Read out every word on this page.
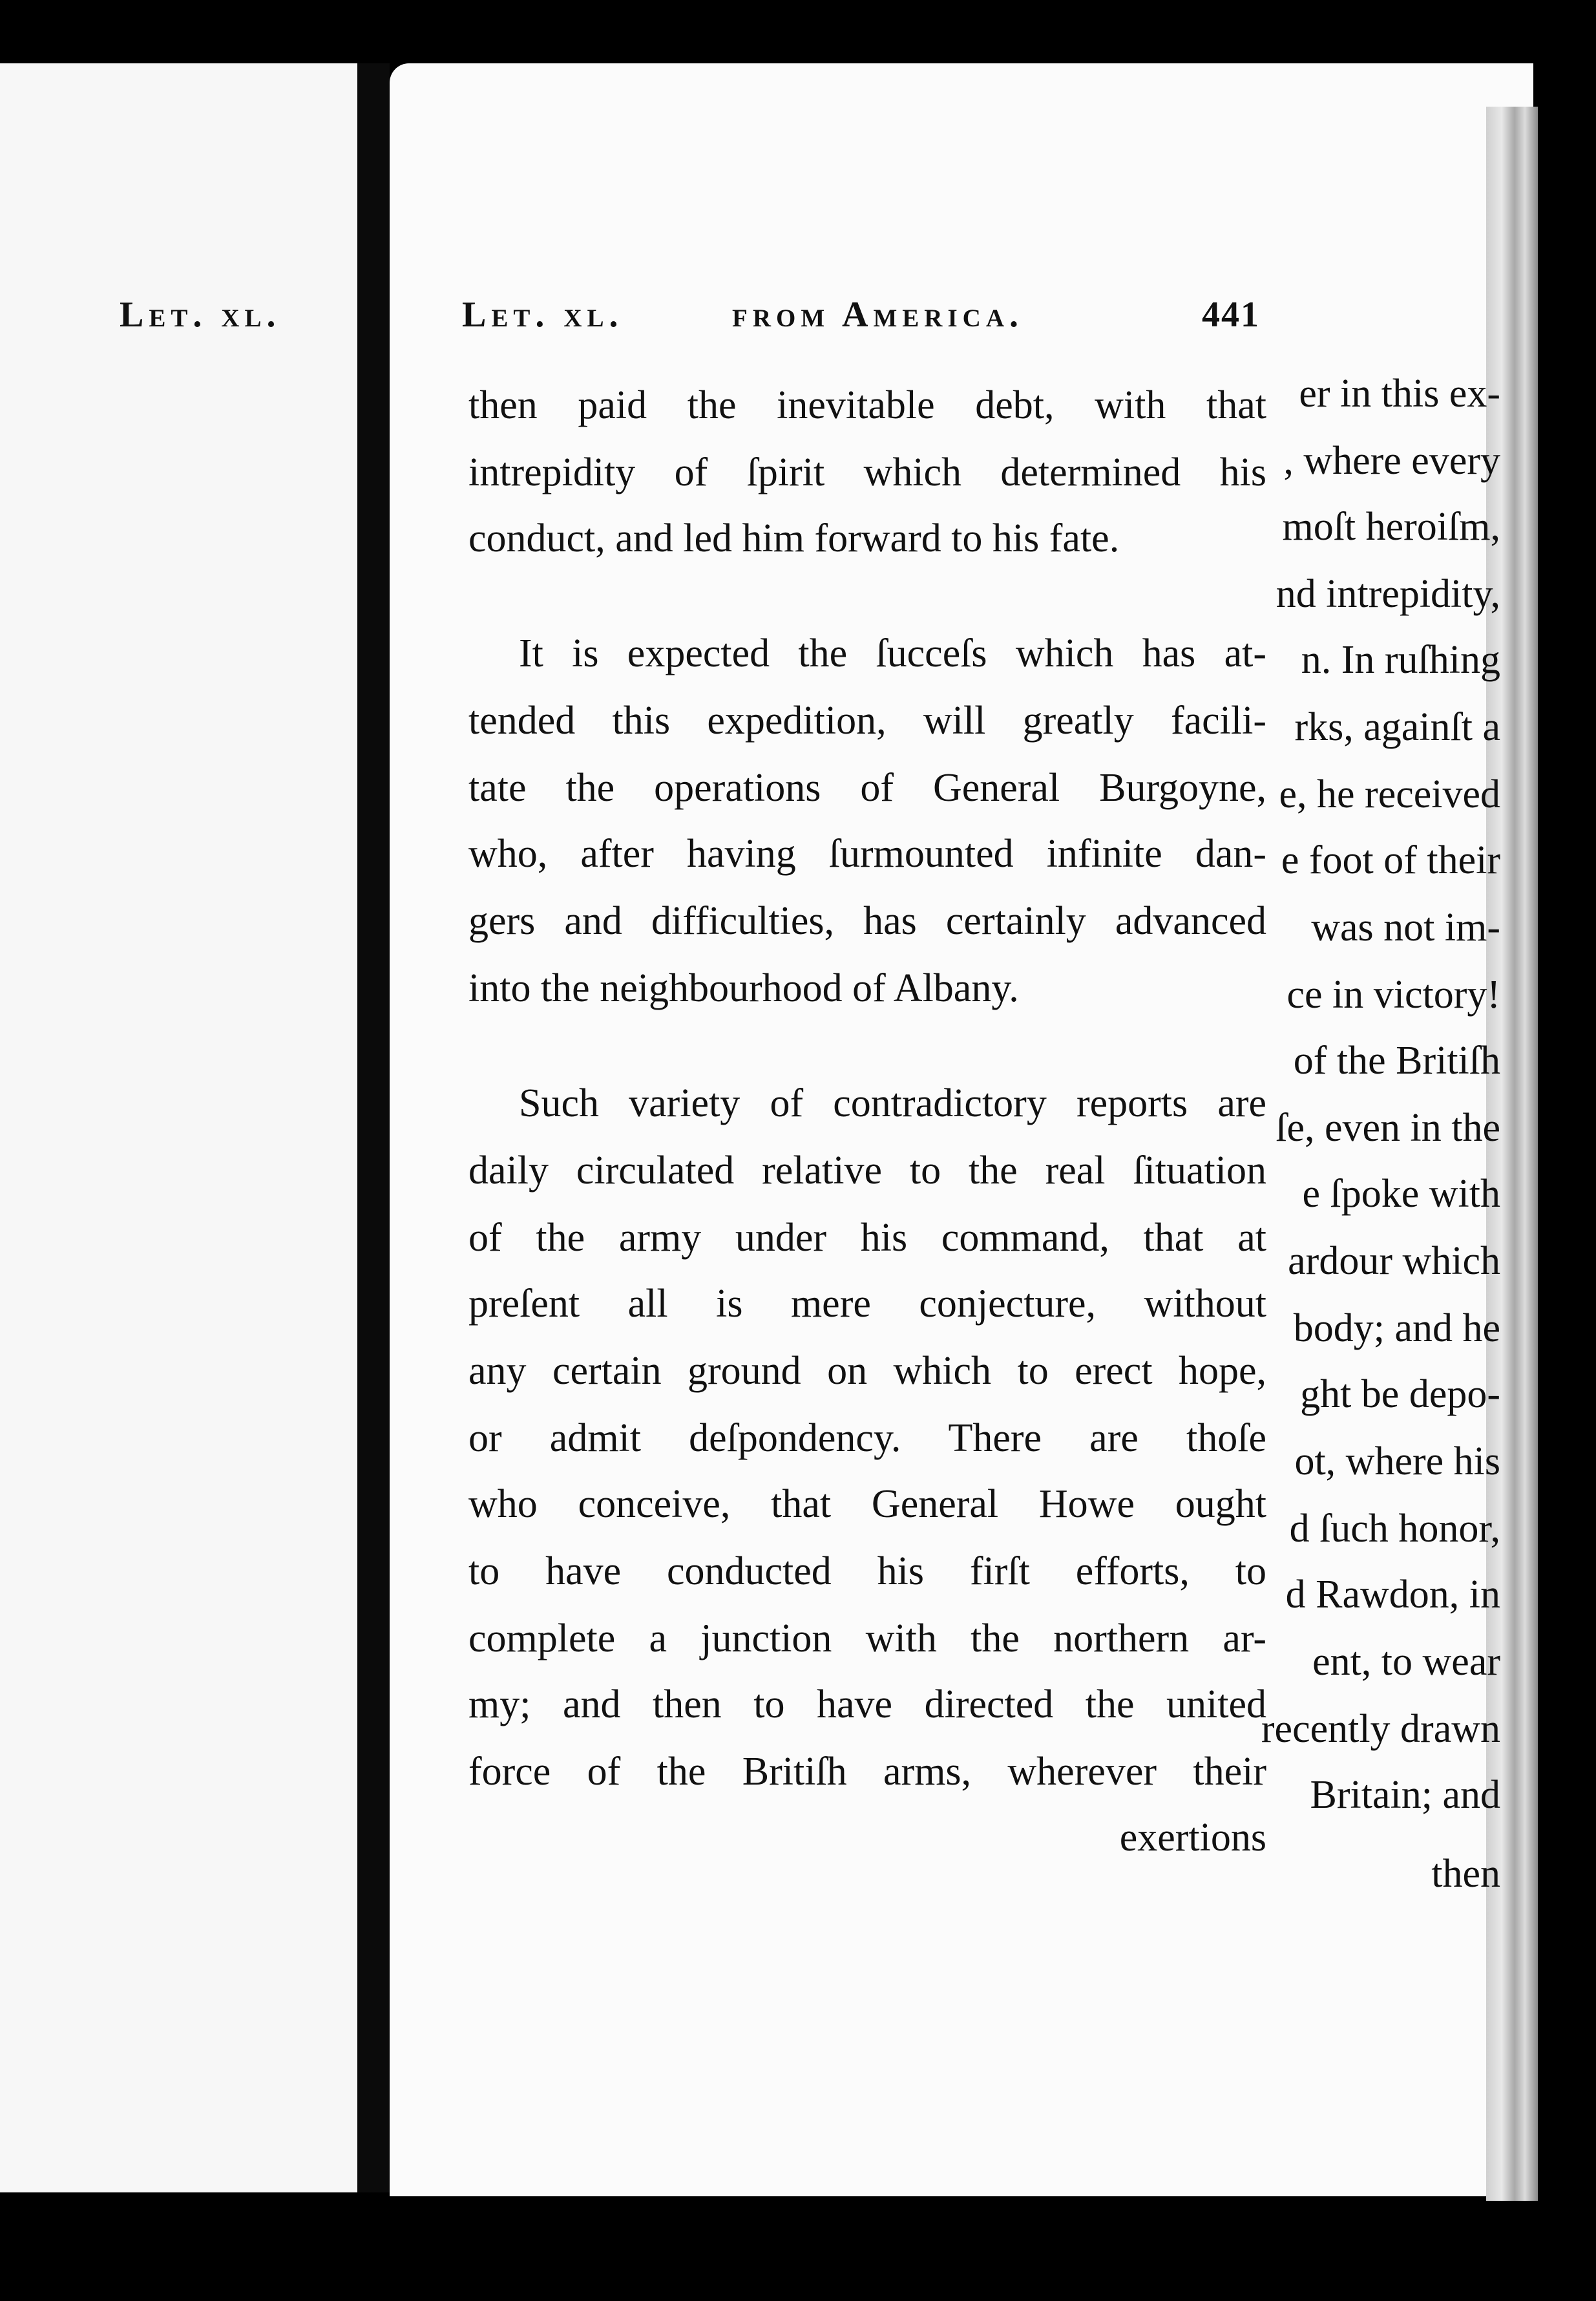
Let. xl.
er in this ex-
, where every
moſt heroiſm,
nd intrepidity,
n. In ruſhing
rks, againſt a
e, he received
e foot of their
was not im-
ce in victory!
of the Britiſh
ſe, even in the
e ſpoke with
ardour which
body; and he
ght be depo-
ot, where his
d ſuch honor,
d Rawdon, in
ent, to wear
recently drawn
Britain; and
then
Let. xl.	from America.	441
then paid the inevitable debt, with that
intrepidity of ſpirit which determined his
conduct, and led him forward to his fate.
It is expected the ſucceſs which has at-
tended this expedition, will greatly facili-
tate the operations of General Burgoyne,
who, after having ſurmounted infinite dan-
gers and difficulties, has certainly advanced
into the neighbourhood of Albany.
Such variety of contradictory reports are
daily circulated relative to the real ſituation
of the army under his command, that at
preſent all is mere conjecture, without
any certain ground on which to erect hope,
or admit deſpondency. There are thoſe
who conceive, that General Howe ought
to have conducted his firſt efforts, to
complete a junction with the northern ar-
my; and then to have directed the united
force of the Britiſh arms, wherever their
exertions
